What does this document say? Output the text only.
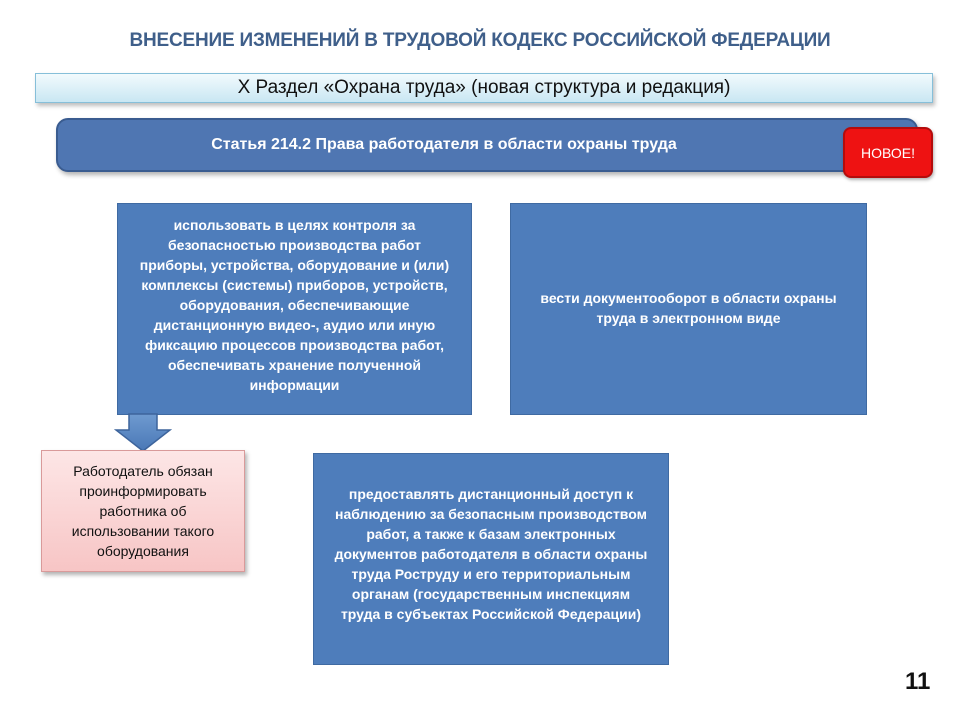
ВНЕСЕНИЕ ИЗМЕНЕНИЙ В ТРУДОВОЙ КОДЕКС РОССИЙСКОЙ ФЕДЕРАЦИИ
Х Раздел «Охрана труда» (новая структура и редакция)
Статья 214.2 Права работодателя в области охраны труда	НОВОЕ!
использовать в целях контроля за
безопасностью производства работ
приборы, устройства, оборудование и (или)
комплексы (системы) приборов, устройств,
оборудования, обеспечивающие
дистанционную видео-, аудио или иную
фиксацию процессов производства работ,
обеспечивать хранение полученной
информации
вести документооборот в области охраны
труда в электронном виде
Работодатель обязан проинформировать работника об использовании такого оборудования
предоставлять дистанционный доступ к
наблюдению за безопасным производством
работ, а также к базам электронных
документов работодателя в области охраны
труда Роструду и его территориальным
органам (государственным инспекциям
труда в субъектах Российской Федерации)
11
